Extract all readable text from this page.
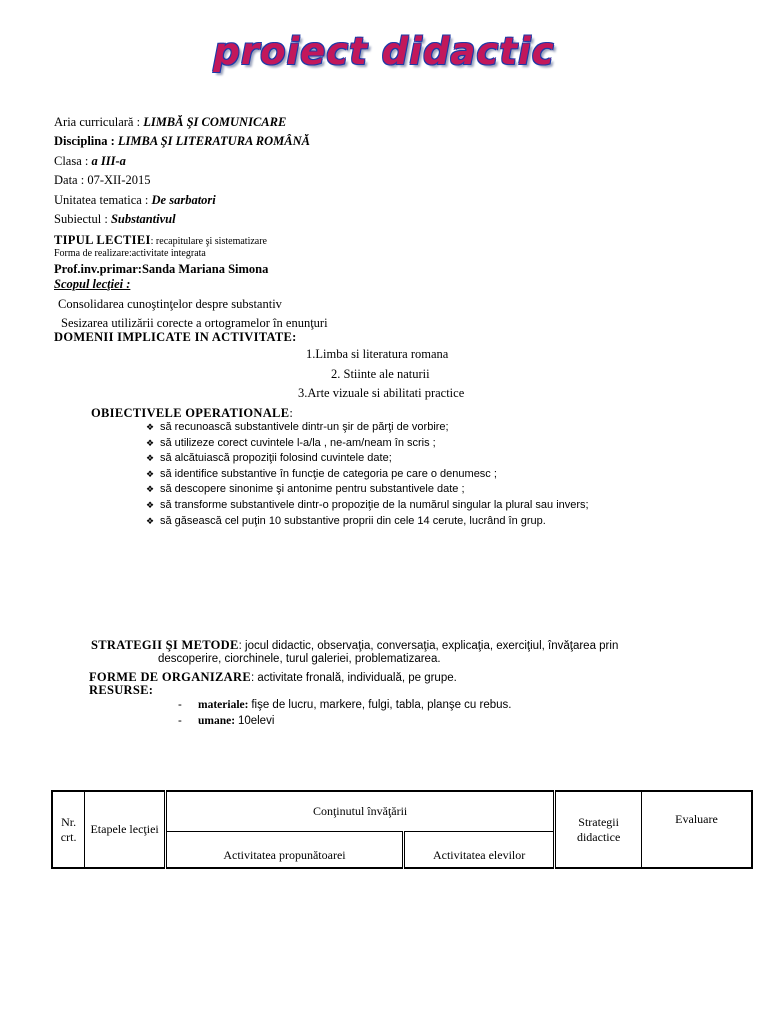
proiect didactic
Aria curriculară : LIMBĂ ŞI COMUNICARE
Disciplina : LIMBA ŞI LITERATURA ROMÂNĂ
Clasa : a III-a
Data : 07-XII-2015
Unitatea tematica : De sarbatori
Subiectul : Substantivul
TIPUL LECTIEI: recapitulare şi sistematizare
Forma de realizare:activitate integrata
Prof.inv.primar:Sanda Mariana Simona
Scopul lecţiei :
Consolidarea cunoştinţelor despre substantiv
Sesizarea utilizării corecte a ortogramelor în enunţuri
DOMENII IMPLICATE IN ACTIVITATE:
1.Limba si literatura romana
2. Stiinte ale naturii
3.Arte vizuale si abilitati practice
OBIECTIVELE OPERATIONALE:
❖ să recunoască substantivele dintr-un şir de părţi de vorbire;
❖ să utilizeze corect cuvintele l-a/la , ne-am/neam în scris ;
❖ să alcătuiască propoziţii folosind cuvintele date;
❖ să identifice substantive în funcţie de categoria pe care o denumesc ;
❖ să descopere sinonime şi antonime pentru substantivele date ;
❖ să transforme substantivele dintr-o propoziţie de la numărul singular la plural sau invers;
❖ să găsească cel puţin 10 substantive proprii din cele 14 cerute, lucrând în grup.
STRATEGII ŞI METODE: jocul didactic, observaţia, conversaţia, explicaţia, exerciţiul, învăţarea prin
descoperire, ciorchinele, turul galeriei, problematizarea.
FORME DE ORGANIZARE: activitate fronală, individuală, pe grupe.
RESURSE:
- materiale: fişe de lucru, markere, fulgi, tabla, planşe cu rebus.
- umane: 10elevi
Nr. crt.	Etapele lecţiei	Conţinutul învăţării		Strategii didactice	Evaluare
		Activitatea propunătoarei	Activitatea elevilor		
